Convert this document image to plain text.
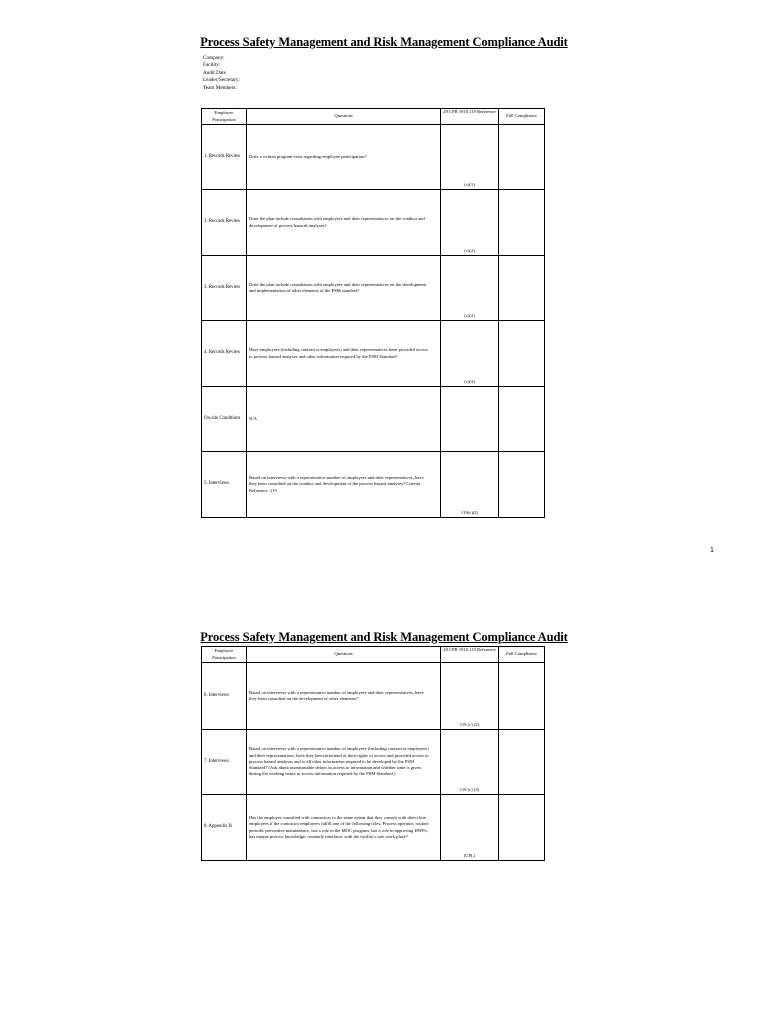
Process Safety Management and Risk Management Compliance Audit
Company:
Facility:
Audit Date
Leader/Secretary:
Team Members:
Employee Participation	Questions	29 CFR 1910.119 Reference	Full Compliance
1. Records Review	Does a written program exist regarding employee participation?	(c)(1)	
2. Records Review	Does the plan include consultation with employees and their representatives on the conduct and development of process hazards analyses?	(c)(2)	
3. Records Review	Does the plan include consultation with employees and their representatives on the development and implementation of other elements of the PSM standard?	(c)(2)	
4. Records Review	Have employees (including contractor employees) and their representatives been provided access to process hazard analyses and other information required by the PSM Standard?	(c)(3)	
On-site Conditions	N/A		
5. Interviews	Based on interviews with a representative number of employees and their representatives, have they been consulted on the conduct and development of the process hazard analyses? Criteria Reference .119	119(c)(2)	
1
Process Safety Management and Risk Management Compliance Audit
Employee Participation	Questions	29 CFR 1910.119 Reference	Full Compliance
6. Interviews	Based on interviews with a representative number of employees and their representatives, have they been consulted on the development of other elements?	119 (c) (2)	
7. Interviews	Based on interviews with a representative number of employees (including contractor employees) and their representatives, have they been informed of their rights of access and provided access to process hazard analyses and to all other information required to be developed by the PSM Standard? (Ask about unreasonable delays in access to information and whether time is given during the working hours to access information required by the PSM Standard.)	119 (c) (3)	
8. Appendix B	Has the employer consulted with contractors to the same extent that they consult with direct hire employees if the contractor employees fulfill one of the following roles: Process operator; routine periodic preventive maintenance; has a role in the MOC program; has a role in approving HWPs; has unique process knowledge; routinely interfaces with the facility's safe work place?	(CPL)	
